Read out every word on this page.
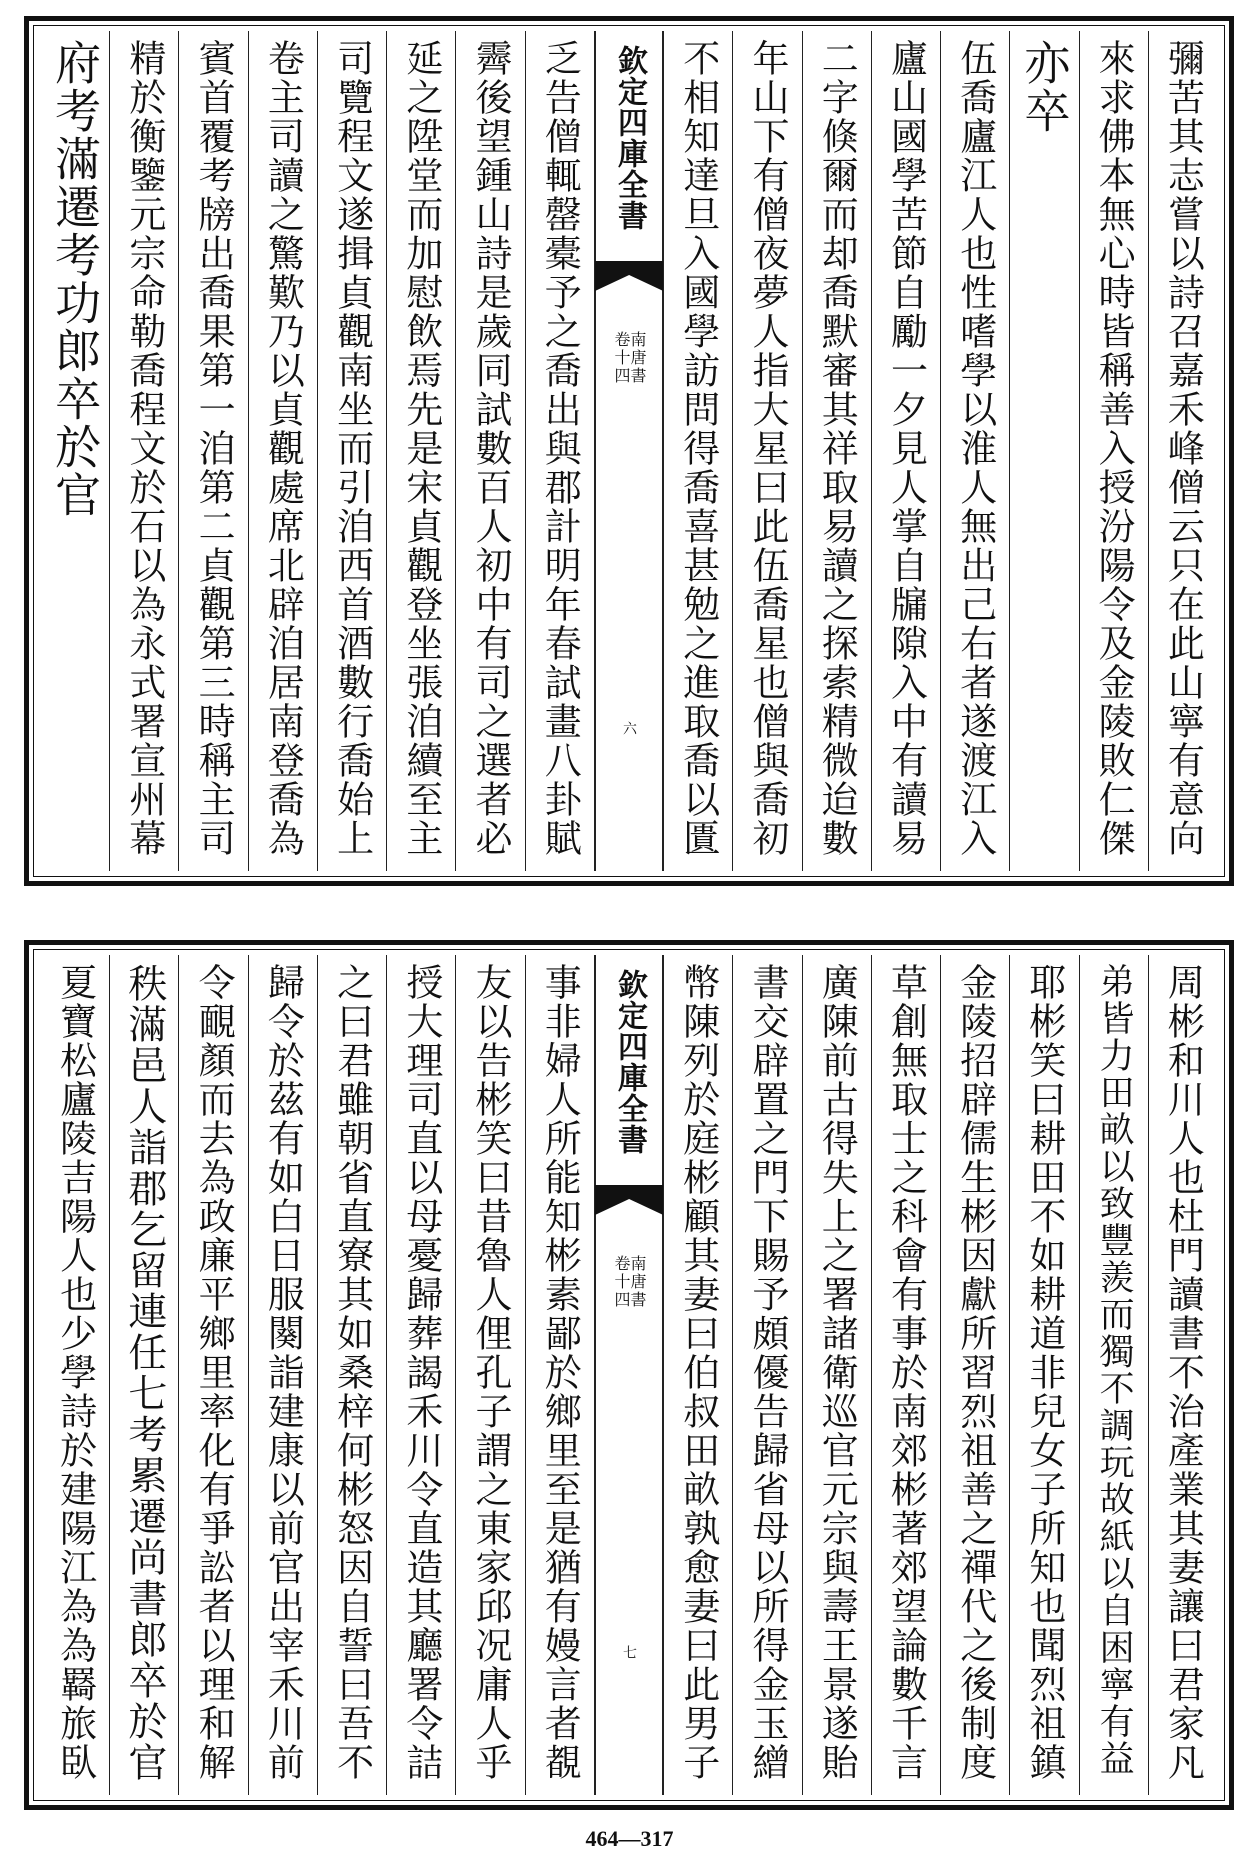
彌苦其志嘗以詩召嘉禾峰僧云只在此山寧有意向
來求佛本無心時皆稱善入授汾陽令及金陵敗仁傑
亦卒
伍喬廬江人也性嗜學以淮人無出己右者遂渡江入
廬山國學苦節自勵一夕見人掌自牖隙入中有讀易
二字倏爾而却喬默審其祥取易讀之探索精微迨數
年山下有僧夜夢人指大星曰此伍喬星也僧與喬初
不相知達旦入國學訪問得喬喜甚勉之進取喬以匱
欽定四庫全書
南唐書
卷十四
六
乏告僧輒罄橐予之喬出與郡計明年春試畫八卦賦
霽後望鍾山詩是歲同試數百人初中有司之選者必
延之陞堂而加慰飲焉先是宋貞觀登坐張洎續至主
司覽程文遂揖貞觀南坐而引洎西首酒數行喬始上
卷主司讀之驚歎乃以貞觀處席北辟洎居南登喬為
賓首覆考牓出喬果第一洎第二貞觀第三時稱主司
精於衡鑒元宗命勒喬程文於石以為永式署宣州幕
府考滿遷考功郎卒於官
周彬和川人也杜門讀書不治產業其妻讓曰君家凡
弟皆力田畝以致豐羨而獨不調玩故紙以自困寧有益
耶彬笑曰耕田不如耕道非兒女子所知也聞烈祖鎮
金陵招辟儒生彬因獻所習烈祖善之禪代之後制度
草創無取士之科會有事於南郊彬著郊望論數千言
廣陳前古得失上之署諸衛巡官元宗與壽王景遂貽
書交辟置之門下賜予頗優告歸省母以所得金玉繒
幣陳列於庭彬顧其妻曰伯叔田畝孰愈妻曰此男子
欽定四庫全書
南唐書
卷十四
七
事非婦人所能知彬素鄙於鄉里至是猶有嫚言者覩
友以告彬笑曰昔魯人俚孔子謂之東家邱况庸人乎
授大理司直以母憂歸葬謁禾川令直造其廳署令詰
之曰君雖朝省直寮其如桑梓何彬怒因自誓曰吾不
歸令於茲有如白日服闋詣建康以前官出宰禾川前
令靦顏而去為政廉平鄉里率化有爭訟者以理和解
秩滿邑人詣郡乞留連任七考累遷尚書郎卒於官
夏寶松廬陵吉陽人也少學詩於建陽江為為羇旅臥
464—317
